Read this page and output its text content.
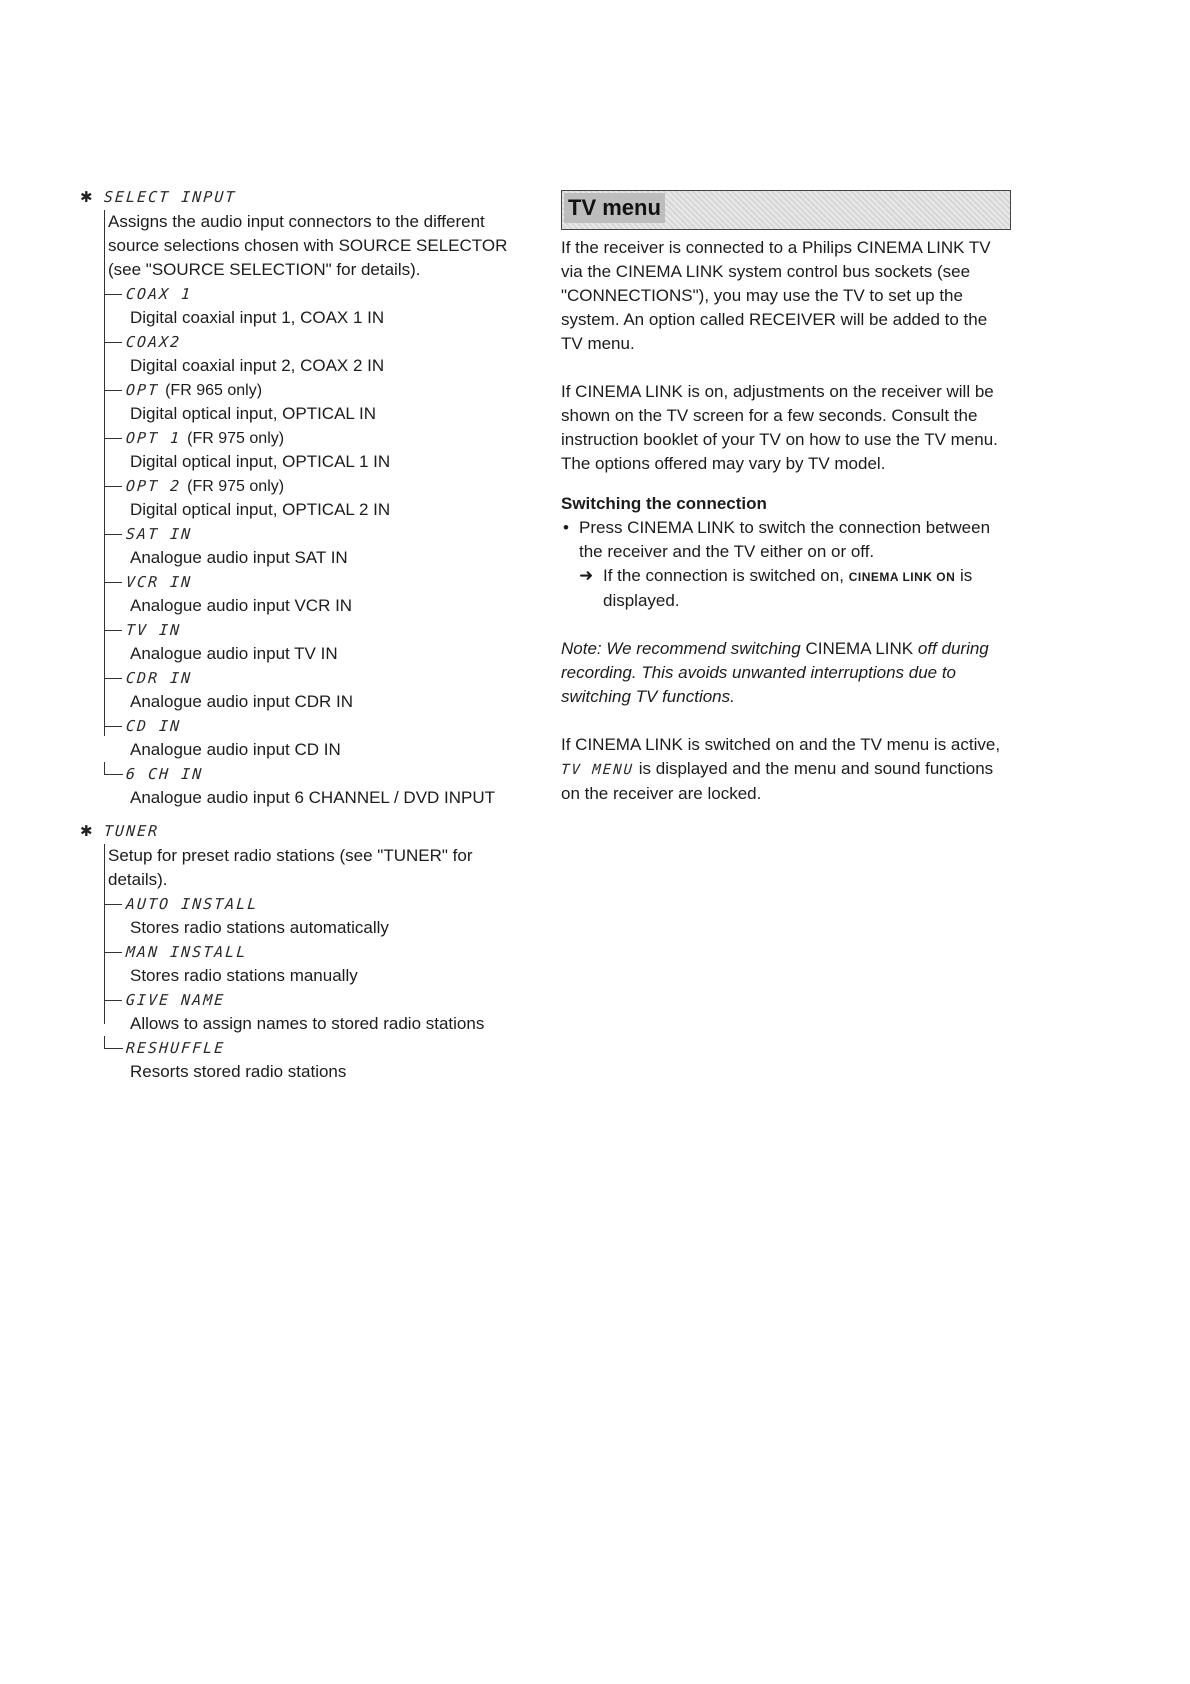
✱ SELECT INPUT
Assigns the audio input connectors to the different source selections chosen with SOURCE SELECTOR (see "SOURCE SELECTION" for details).
COAX 1
Digital coaxial input 1, COAX 1 IN
COAX2
Digital coaxial input 2, COAX 2 IN
OPT (FR 965 only)
Digital optical input, OPTICAL IN
OPT 1 (FR 975 only)
Digital optical input, OPTICAL 1 IN
OPT 2 (FR 975 only)
Digital optical input, OPTICAL 2 IN
SAT IN
Analogue audio input SAT IN
VCR IN
Analogue audio input VCR IN
TV IN
Analogue audio input TV IN
CDR IN
Analogue audio input CDR IN
CD IN
Analogue audio input CD IN
6 CH IN
Analogue audio input 6 CHANNEL / DVD INPUT
✱ TUNER
Setup for preset radio stations (see "TUNER" for details).
AUTO INSTALL
Stores radio stations automatically
MAN INSTALL
Stores radio stations manually
GIVE NAME
Allows to assign names to stored radio stations
RESHUFFLE
Resorts stored radio stations
TV menu

If the receiver is connected to a Philips CINEMA LINK TV via the CINEMA LINK system control bus sockets (see "CONNECTIONS"), you may use the TV to set up the system. An option called RECEIVER will be added to the TV menu.

If CINEMA LINK is on, adjustments on the receiver will be shown on the TV screen for a few seconds. Consult the instruction booklet of your TV on how to use the TV menu. The options offered may vary by TV model.

Switching the connection
• Press CINEMA LINK to switch the connection between the receiver and the TV either on or off.
➜ If the connection is switched on, CINEMA LINK ON is displayed.
Note: We recommend switching CINEMA LINK off during recording. This avoids unwanted interruptions due to switching TV functions.

If CINEMA LINK is switched on and the TV menu is active, TV MENU is displayed and the menu and sound functions on the receiver are locked.
